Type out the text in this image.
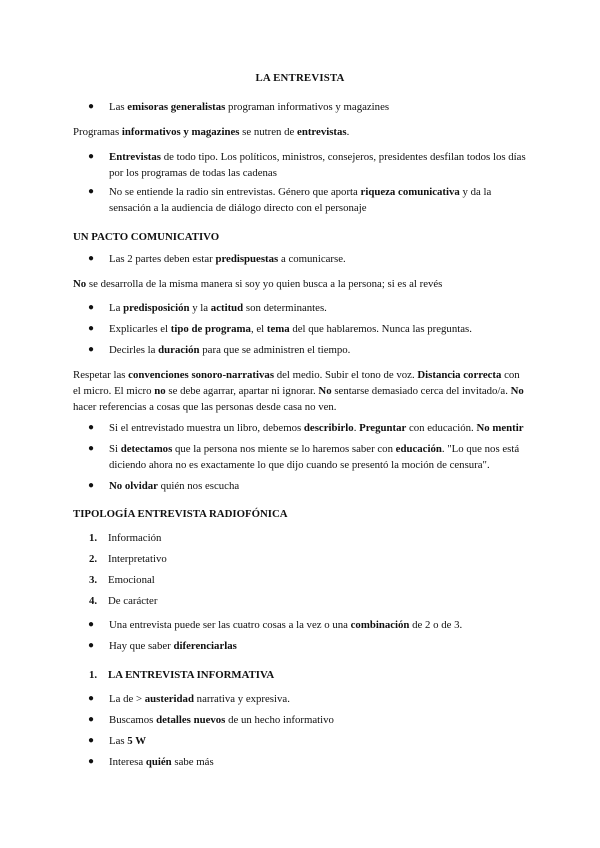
LA ENTREVISTA
● Las emisoras generalistas programan informativos y magazines
Programas informativos y magazines se nutren de entrevistas.
● Entrevistas de todo tipo. Los políticos, ministros, consejeros, presidentes desfilan todos los días por los programas de todas las cadenas
● No se entiende la radio sin entrevistas. Género que aporta riqueza comunicativa y da la sensación a la audiencia de diálogo directo con el personaje
UN PACTO COMUNICATIVO
● Las 2 partes deben estar predispuestas a comunicarse.
No se desarrolla de la misma manera si soy yo quien busca a la persona; si es al revés
● La predisposición y la actitud son determinantes.
● Explicarles el tipo de programa, el tema del que hablaremos. Nunca las preguntas.
● Decirles la duración para que se administren el tiempo.
Respetar las convenciones sonoro-narrativas del medio. Subir el tono de voz. Distancia correcta con el micro. El micro no se debe agarrar, apartar ni ignorar. No sentarse demasiado cerca del invitado/a. No hacer referencias a cosas que las personas desde casa no ven.
● Si el entrevistado muestra un libro, debemos describirlo. Preguntar con educación. No mentir
● Si detectamos que la persona nos miente se lo haremos saber con educación. "Lo que nos está diciendo ahora no es exactamente lo que dijo cuando se presentó la moción de censura".
● No olvidar quién nos escucha
TIPOLOGÍA ENTREVISTA RADIOFÓNICA
1. Información
2. Interpretativo
3. Emocional
4. De carácter
● Una entrevista puede ser las cuatro cosas a la vez o una combinación de 2 o de 3.
● Hay que saber diferenciarlas
1. LA ENTREVISTA INFORMATIVA
● La de > austeridad narrativa y expresiva.
● Buscamos detalles nuevos de un hecho informativo
● Las 5 W
● Interesa quién sabe más
